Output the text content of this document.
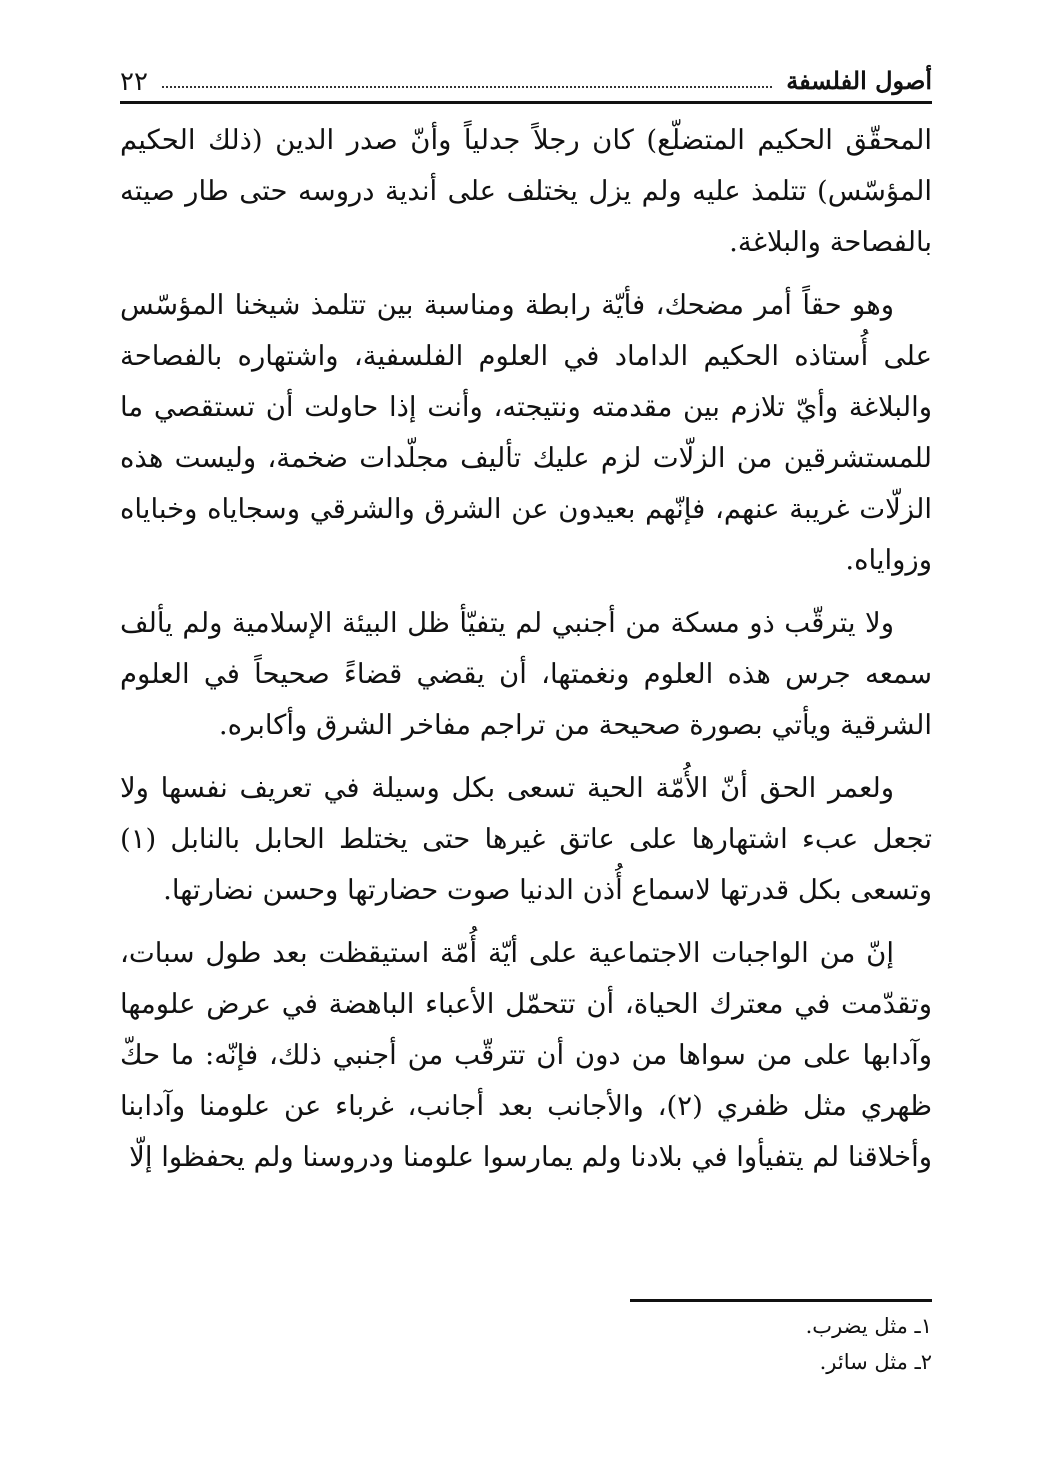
أصول الفلسفة
٢٢

المحقّق الحكيم المتضلّع) كان رجلاً جدلياً وأنّ صدر الدين (ذلك الحكيم المؤسّس) تتلمذ عليه ولم يزل يختلف على أندية دروسه حتى طار صيته بالفصاحة والبلاغة.

وهو حقاً أمر مضحك، فأيّة رابطة ومناسبة بين تتلمذ شيخنا المؤسّس على أُستاذه الحكيم الداماد في العلوم الفلسفية، واشتهاره بالفصاحة والبلاغة وأيّ تلازم بين مقدمته ونتيجته، وأنت إذا حاولت أن تستقصي ما للمستشرقين من الزلّات لزم عليك تأليف مجلّدات ضخمة، وليست هذه الزلّات غريبة عنهم، فإنّهم بعيدون عن الشرق والشرقي وسجاياه وخباياه وزواياه.

ولا يترقّب ذو مسكة من أجنبي لم يتفيّأ ظل البيئة الإسلامية ولم يألف سمعه جرس هذه العلوم ونغمتها، أن يقضي قضاءً صحيحاً في العلوم الشرقية ويأتي بصورة صحيحة من تراجم مفاخر الشرق وأكابره.

ولعمر الحق أنّ الأُمّة الحية تسعى بكل وسيلة في تعريف نفسها ولا تجعل عبء اشتهارها على عاتق غيرها حتى يختلط الحابل بالنابل (١) وتسعى بكل قدرتها لاسماع أُذن الدنيا صوت حضارتها وحسن نضارتها.

إنّ من الواجبات الاجتماعية على أيّة أُمّة استيقظت بعد طول سبات، وتقدّمت في معترك الحياة، أن تتحمّل الأعباء الباهضة في عرض علومها وآدابها على من سواها من دون أن تترقّب من أجنبي ذلك، فإنّه: ما حكّ ظهري مثل ظفري (٢)، والأجانب بعد أجانب، غرباء عن علومنا وآدابنا وأخلاقنا لم يتفيأوا في بلادنا ولم يمارسوا علومنا ودروسنا ولم يحفظوا إلّا

١ـ مثل يضرب.
٢ـ مثل سائر.
